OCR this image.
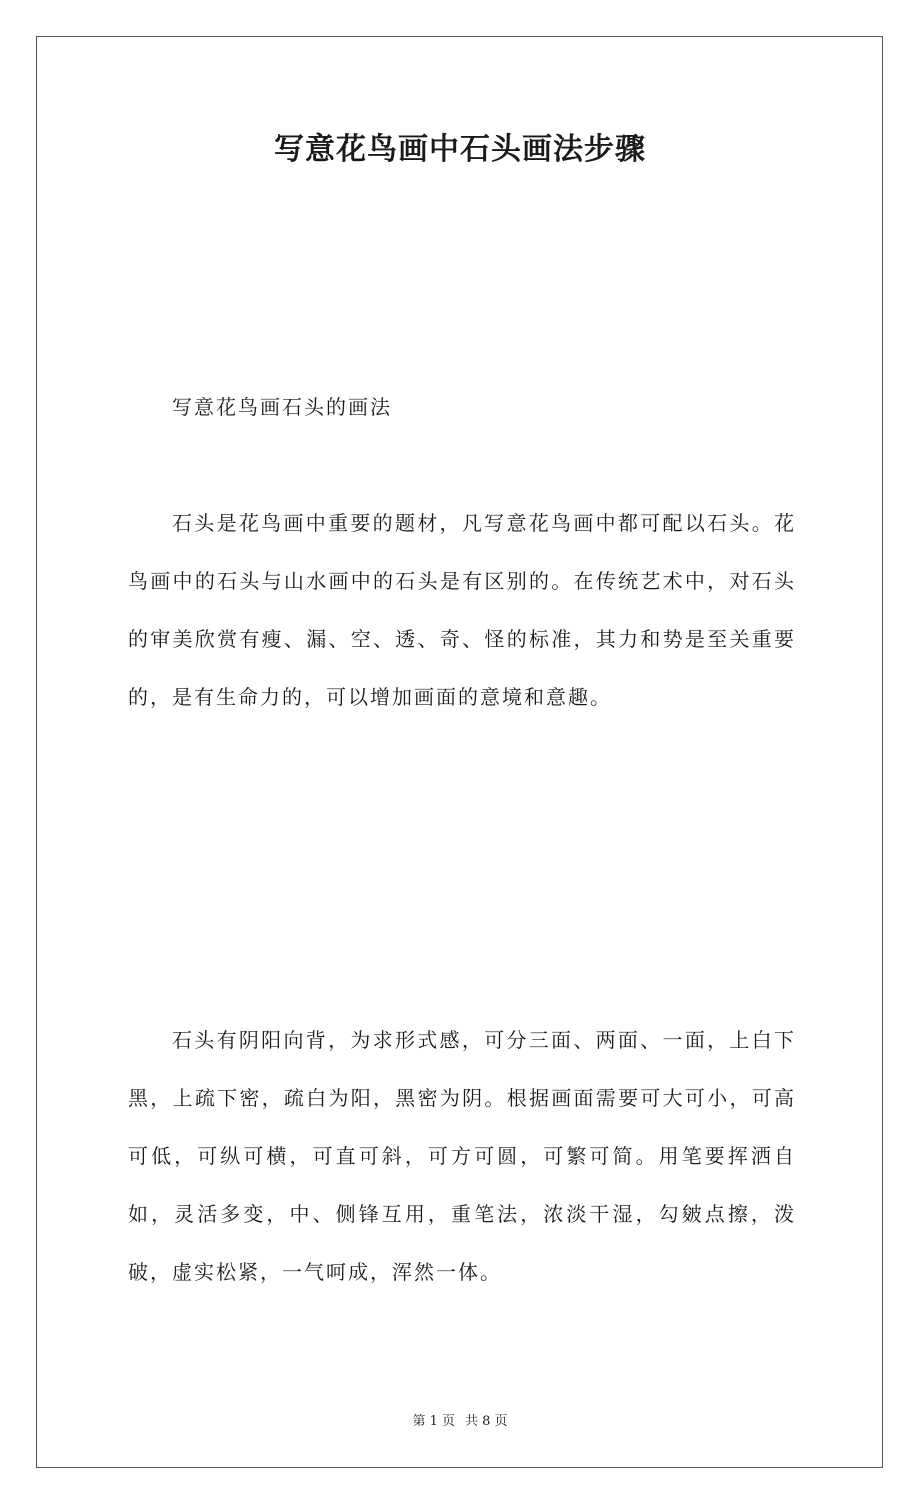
写意花鸟画中石头画法步骤

写意花鸟画石头的画法

石头是花鸟画中重要的题材，凡写意花鸟画中都可配以石头。花鸟画中的石头与山水画中的石头是有区别的。在传统艺术中，对石头的审美欣赏有瘦、漏、空、透、奇、怪的标准，其力和势是至关重要的，是有生命力的，可以增加画面的意境和意趣。

石头有阴阳向背，为求形式感，可分三面、两面、一面，上白下黑，上疏下密，疏白为阳，黑密为阴。根据画面需要可大可小，可高可低，可纵可横，可直可斜，可方可圆，可繁可简。用笔要挥洒自如，灵活多变，中、侧锋互用，重笔法，浓淡干湿，勾皴点擦，泼破，虚实松紧，一气呵成，浑然一体。

第 1 页 共 8 页
